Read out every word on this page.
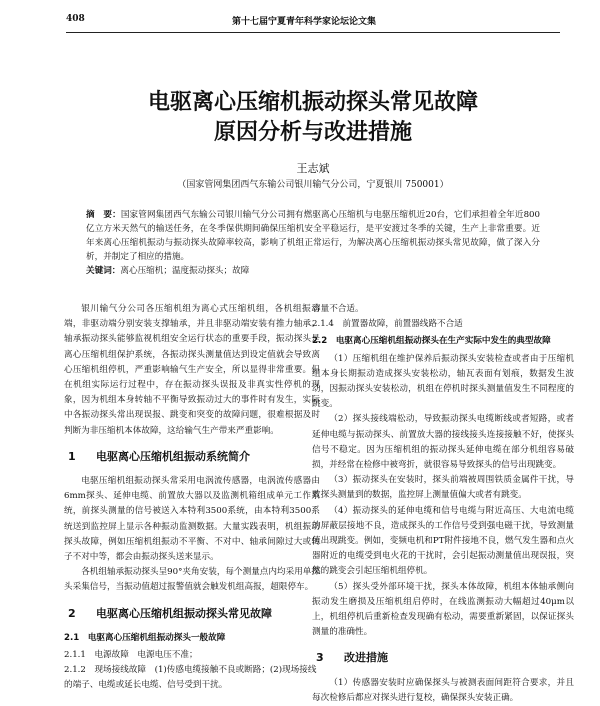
408	第十七届宁夏青年科学家论坛论文集
电驱离心压缩机振动探头常见故障
原因分析与改进措施
王志斌
（国家管网集团西气东输公司银川输气分公司，宁夏银川 750001）
摘　要：国家管网集团西气东输公司银川输气分公司拥有燃驱离心压缩机与电驱压缩机近20台，它们承担着全年近800亿立方米天然气的输送任务，在冬季保供期间确保压缩机安全平稳运行，是平安渡过冬季的关键，生产上非常重要。近年来离心压缩机振动与振动探头故障率较高，影响了机组正常运行，为解决离心压缩机振动探头常见故障，做了深入分析，并制定了相应的措施。
关键词：离心压缩机；温度振动探头；故障

银川输气分公司各压缩机组为离心式压缩机组，各机组振动端，非驱动端分别安装支撑轴承，并且非驱动端安装有推力轴承。轴承振动探头能够监视机组安全运行状态的重要手段，振动探头是离心压缩机组保护系统，各振动探头测量值达到设定值就会导致离心压缩机组停机，严重影响输气生产安全，所以显得非常重要。但在机组实际运行过程中，存在振动探头误报及非真实性停机的现象，因为机组本身转轴不平衡导致振动过大的事件时有发生，实际中各振动探头常出现误报、跳变和突变的故障问题，很难根据及时判断为非压缩机本体故障，这给输气生产带来严重影响。

1 电驱离心压缩机组振动系统简介

电驱压缩机组振动探头常采用电涡流传感器，电涡流传感器由6mm探头、延伸电缆、前置放大器以及监测机箱组成单元工作系统，前探头测量的信号被送入本特利3500系统，由本特利3500系统送到监控屏上显示各种振动监测数据。大量实践表明，机组振动探头故障，例如压缩机组振动不平衡、不对中、轴承间隙过大或转子不对中等，都会由振动探头送来显示。

各机组轴承振动探头呈90°夹角安装，每个测量点内均采用单探头采集信号，当振动值超过报警值就会触发机组高报，超限停车。

2 电驱离心压缩机组振动探头常见故障
2.1　电驱离心压缩机组振动探头一般故障

2.1.1　电源故障　电源电压不准；

2.1.2　现场接线故障　(1)传感电缆接触不良或断路；(2)现场接线的端子、电缆或延长电缆、信号受到干扰。

容量不合适。

2.1.4　前置器故障，前置器线路不合适

2.2　电驱离心压缩机组振动探头在生产实际中发生的典型故障

（1）压缩机组在维护保养后振动探头安装检查或者由于压缩机组本身长期振动造成探头安装松动，轴瓦表面有划痕，数据发生波动，因振动探头安装松动，机组在停机时探头测量值发生不同程度的跳变。

（2）探头接线端松动，导致振动探头电缆断线或者短路，或者延伸电缆与振动探头、前置放大器的接线接头连接接触不好，使探头信号不稳定。因为压缩机组的振动探头延伸电缆在部分机组容易破损，并经常在检修中被弯折，就很容易导致探头的信号出现跳变。

（3）振动探头在安装时，探头前端被周围铁质金属件干扰，导致探头测量到的数据，监控屏上测量值偏大或者有跳变。

（4）振动探头的延伸电缆和信号电缆与附近高压、大电流电缆的屏蔽层接地不良，造成探头的工作信号受到强电磁干扰，导致测量值出现跳变。例如，变频电机和PT附件接地不良，燃气发生器和点火器附近的电缆受到电火花的干扰时，会引起振动测量值出现误报，突然的跳变会引起压缩机组停机。

（5）探头受外部环境干扰，探头本体故障，机组本体轴承侧向振动发生磨损及压缩机组启停时，在线监测振动大幅超过40μm以上，机组停机后重新检查发现确有松动，需要重新紧固，以保证探头测量的准确性。

3 改进措施

（1）传感器安装时应确保探头与被测表面间距符合要求，并且每次检修后都应对探头进行复校，确保探头安装正确。
